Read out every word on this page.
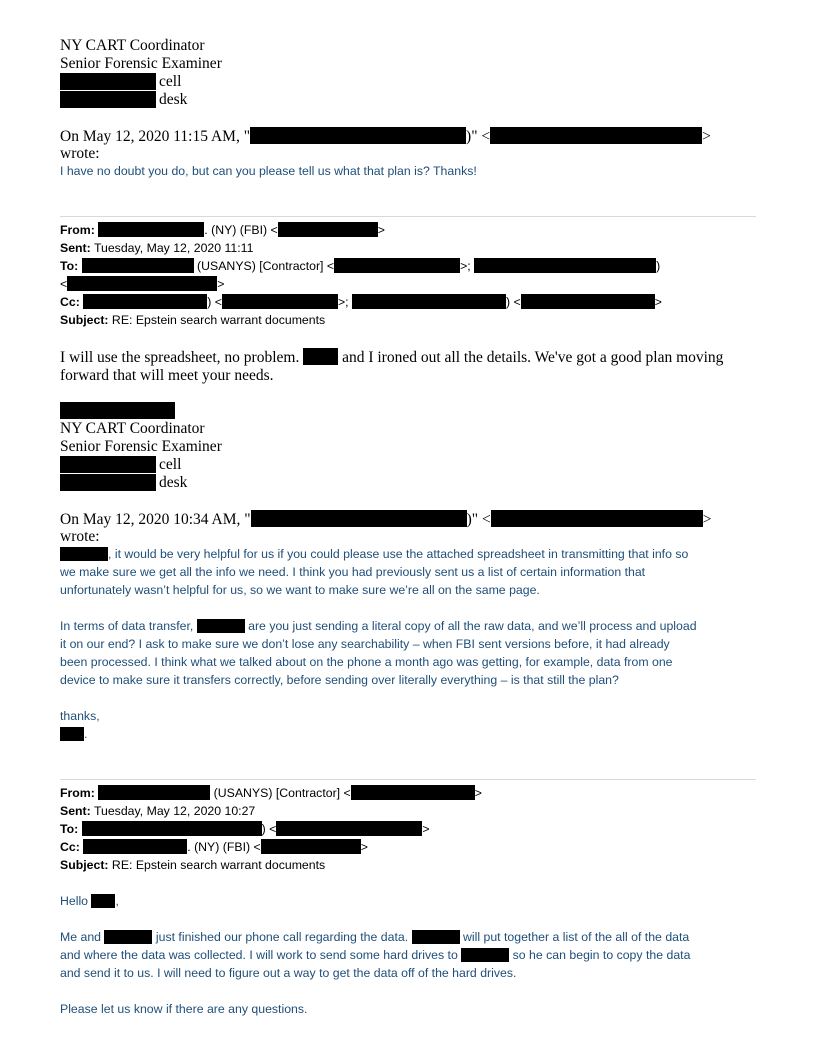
NY CART Coordinator
Senior Forensic Examiner
cell
desk
On May 12, 2020 11:15 AM, "	)" <	>
wrote:
I have no doubt you do, but can you please tell us what that plan is? Thanks!
From:	. (NY) (FBI) <	>
Sent: Tuesday, May 12, 2020 11:11
To:	(USANYS) [Contractor] <	>;	)
<	>
Cc:	) <	>;	) <	>
Subject: RE: Epstein search warrant documents
I will use the spreadsheet, no problem.	and I ironed out all the details. We've got a good plan moving
forward that will meet your needs.
NY CART Coordinator
Senior Forensic Examiner
cell
desk
On May 12, 2020 10:34 AM, "	)" <	>
wrote:
, it would be very helpful for us if you could please use the attached spreadsheet in transmitting that info so
we make sure we get all the info we need. I think you had previously sent us a list of certain information that
unfortunately wasn’t helpful for us, so we want to make sure we’re all on the same page.
In terms of data transfer,	are you just sending a literal copy of all the raw data, and we’ll process and upload
it on our end? I ask to make sure we don’t lose any searchability – when FBI sent versions before, it had already
been processed. I think what we talked about on the phone a month ago was getting, for example, data from one
device to make sure it transfers correctly, before sending over literally everything – is that still the plan?
thanks,
.
From:	(USANYS) [Contractor] <	>
Sent: Tuesday, May 12, 2020 10:27
To:	) <	>
Cc:	. (NY) (FBI) <	>
Subject: RE: Epstein search warrant documents
Hello ,
Me and	just finished our phone call regarding the data.	will put together a list of the all of the data
and where the data was collected. I will work to send some hard drives to	so he can begin to copy the data
and send it to us. I will need to figure out a way to get the data off of the hard drives.
Please let us know if there are any questions.
